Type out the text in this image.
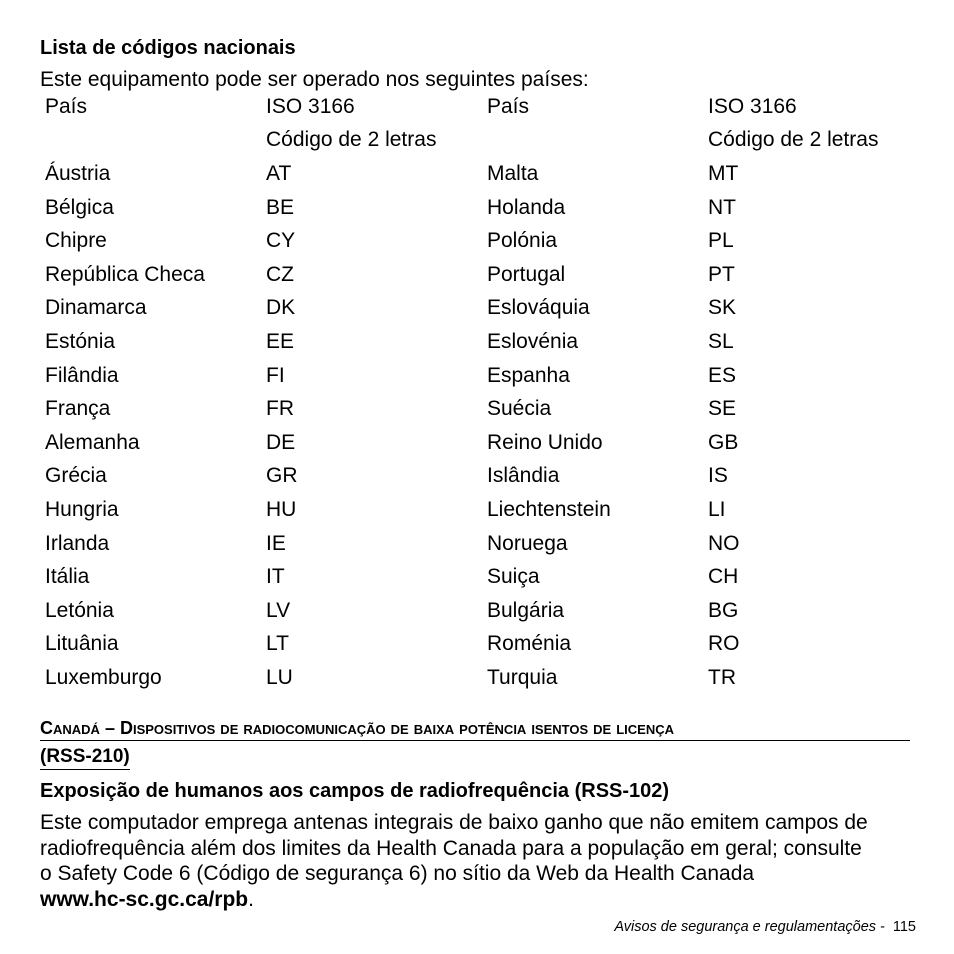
Lista de códigos nacionais
Este equipamento pode ser operado nos seguintes países:
País	ISO 3166	País	ISO 3166
	Código de 2 letras		Código de 2 letras
Áustria	AT	Malta	MT
Bélgica	BE	Holanda	NT
Chipre	CY	Polónia	PL
República Checa	CZ	Portugal	PT
Dinamarca	DK	Eslováquia	SK
Estónia	EE	Eslovénia	SL
Filândia	FI	Espanha	ES
França	FR	Suécia	SE
Alemanha	DE	Reino Unido	GB
Grécia	GR	Islândia	IS
Hungria	HU	Liechtenstein	LI
Irlanda	IE	Noruega	NO
Itália	IT	Suiça	CH
Letónia	LV	Bulgária	BG
Lituânia	LT	Roménia	RO
Luxemburgo	LU	Turquia	TR
Canadá – Dispositivos de radiocomunicação de baixa potência isentos de licença
(RSS-210)
Exposição de humanos aos campos de radiofrequência (RSS-102)
Este computador emprega antenas integrais de baixo ganho que não emitem campos de
radiofrequência além dos limites da Health Canada para a população em geral; consulte
o Safety Code 6 (Código de segurança 6) no sítio da Web da Health Canada
www.hc-sc.gc.ca/rpb.
Avisos de segurança e regulamentações - 115
